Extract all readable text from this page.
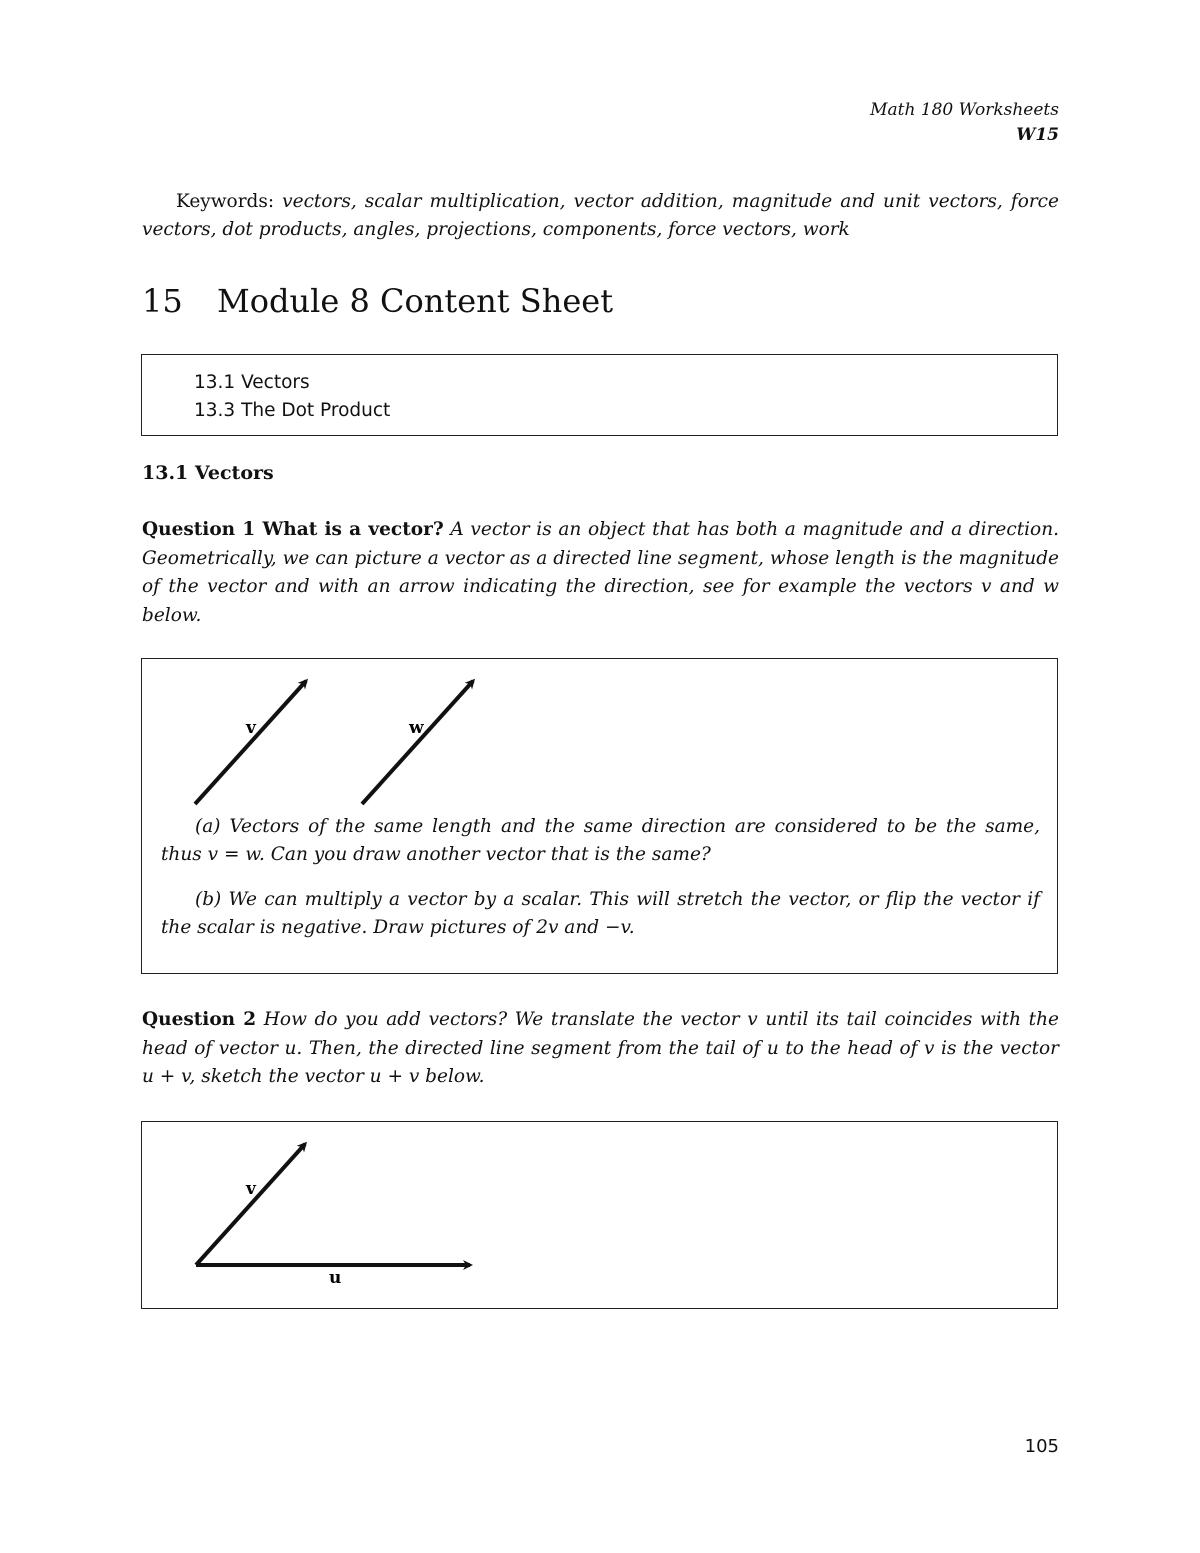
Math 180 Worksheets
W15
Keywords: vectors, scalar multiplication, vector addition, magnitude and unit vectors, force vectors, dot products, angles, projections, components, force vectors, work
15 Module 8 Content Sheet
13.1 Vectors
13.3 The Dot Product
13.1 Vectors
Question 1 What is a vector? A vector is an object that has both a magnitude and a direction. Geometrically, we can picture a vector as a directed line segment, whose length is the magnitude of the vector and with an arrow indicating the direction, see for example the vectors v and w below.
v	w
(a) Vectors of the same length and the same direction are considered to be the same, thus v = w. Can you draw another vector that is the same?
(b) We can multiply a vector by a scalar. This will stretch the vector, or flip the vector if the scalar is negative. Draw pictures of 2v and −v.
Question 2 How do you add vectors? We translate the vector v until its tail coincides with the head of vector u. Then, the directed line segment from the tail of u to the head of v is the vector u + v, sketch the vector u + v below.
v
u
105
